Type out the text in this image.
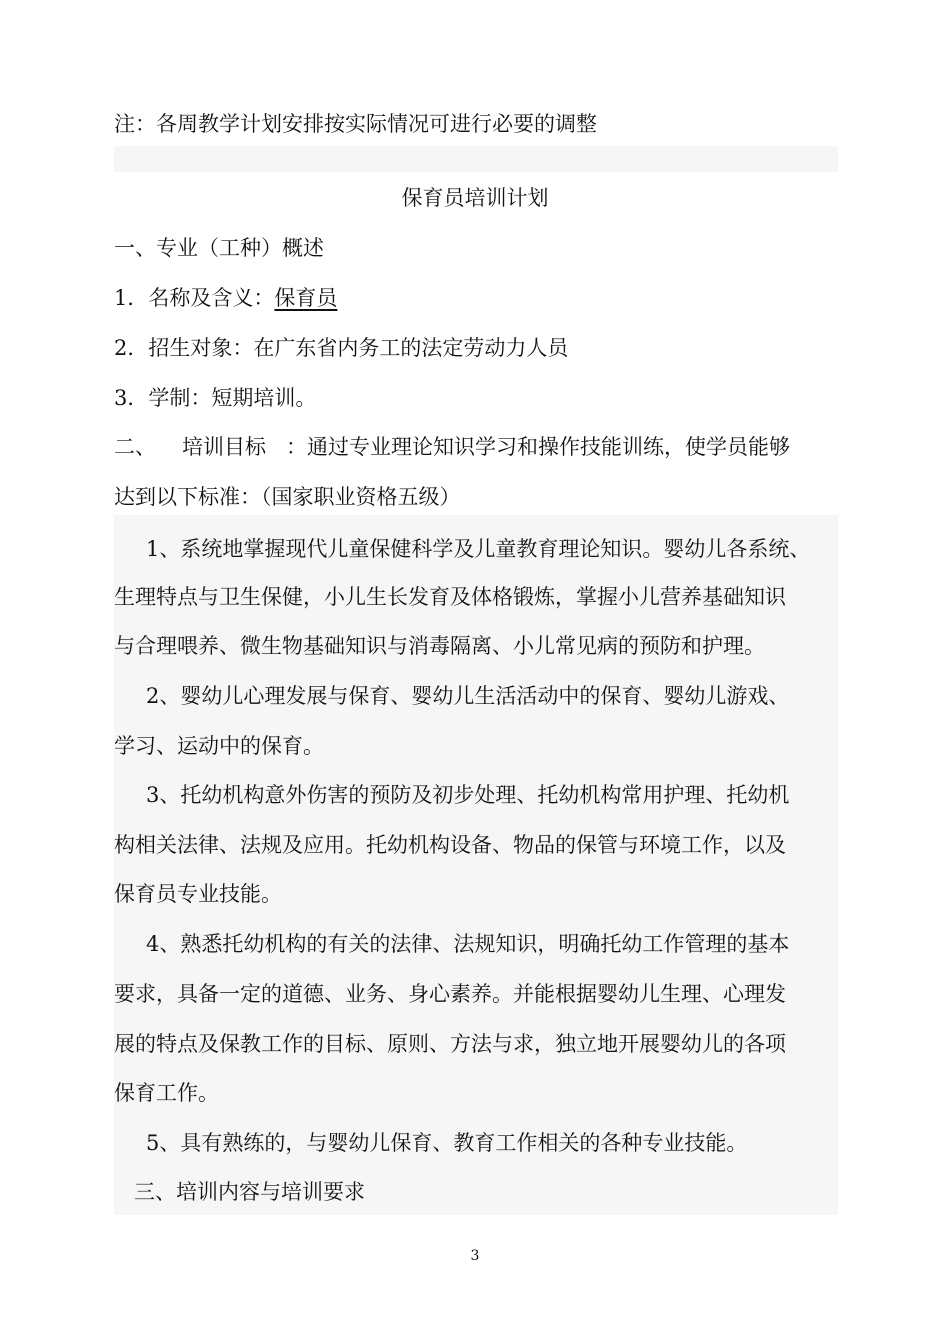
注：各周教学计划安排按实际情况可进行必要的调整
保育员培训计划
一、专业（工种）概述
1．名称及含义：保育员
2．招生对象：在广东省内务工的法定劳动力人员
3．学制：短期培训。
二、 培训目标 ：通过专业理论知识学习和操作技能训练，使学员能够
达到以下标准：（国家职业资格五级）
1、系统地掌握现代儿童保健科学及儿童教育理论知识。婴幼儿各系统、
生理特点与卫生保健，小儿生长发育及体格锻炼，掌握小儿营养基础知识
与合理喂养、微生物基础知识与消毒隔离、小儿常见病的预防和护理。
2、婴幼儿心理发展与保育、婴幼儿生活活动中的保育、婴幼儿游戏、
学习、运动中的保育。
3、托幼机构意外伤害的预防及初步处理、托幼机构常用护理、托幼机
构相关法律、法规及应用。托幼机构设备、物品的保管与环境工作，以及
保育员专业技能。
4、熟悉托幼机构的有关的法律、法规知识，明确托幼工作管理的基本
要求，具备一定的道德、业务、身心素养。并能根据婴幼儿生理、心理发
展的特点及保教工作的目标、原则、方法与求，独立地开展婴幼儿的各项
保育工作。
5、具有熟练的，与婴幼儿保育、教育工作相关的各种专业技能。
三、培训内容与培训要求
3
